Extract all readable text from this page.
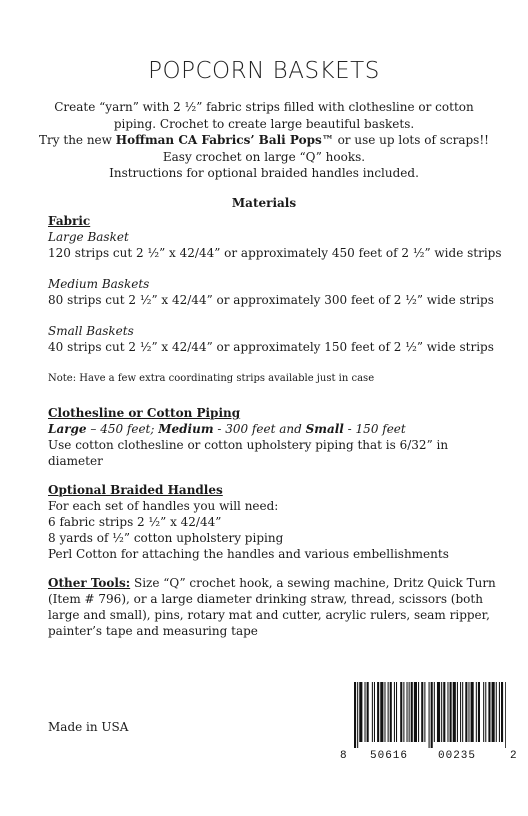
POPCORN BASKETS
Create “yarn” with 2 ½” fabric strips filled with clothesline or cotton
piping. Crochet to create large beautiful baskets.
Try the new Hoffman CA Fabrics’ Bali Pops™ or use up lots of scraps!!
Easy crochet on large “Q” hooks.
Instructions for optional braided handles included.
Materials
Fabric
Large Basket
120 strips cut 2 ½” x 42/44” or approximately 450 feet of 2 ½” wide strips
Medium Baskets
80 strips cut 2 ½” x 42/44” or approximately 300 feet of 2 ½” wide strips
Small Baskets
40 strips cut 2 ½” x 42/44” or approximately 150 feet of 2 ½” wide strips
Note: Have a few extra coordinating strips available just in case
Clothesline or Cotton Piping
Large – 450 feet; Medium - 300 feet and Small - 150 feet
Use cotton clothesline or cotton upholstery piping that is 6/32” in
diameter
Optional Braided Handles
For each set of handles you will need:
6 fabric strips 2 ½” x 42/44”
8 yards of ½” cotton upholstery piping
Perl Cotton for attaching the handles and various embellishments
Other Tools: Size “Q” crochet hook, a sewing machine, Dritz Quick Turn
(Item # 796), or a large diameter drinking straw, thread, scissors (both
large and small), pins, rotary mat and cutter, acrylic rulers, seam ripper,
painter’s tape and measuring tape
Made in USA
8 50616	00235	2
